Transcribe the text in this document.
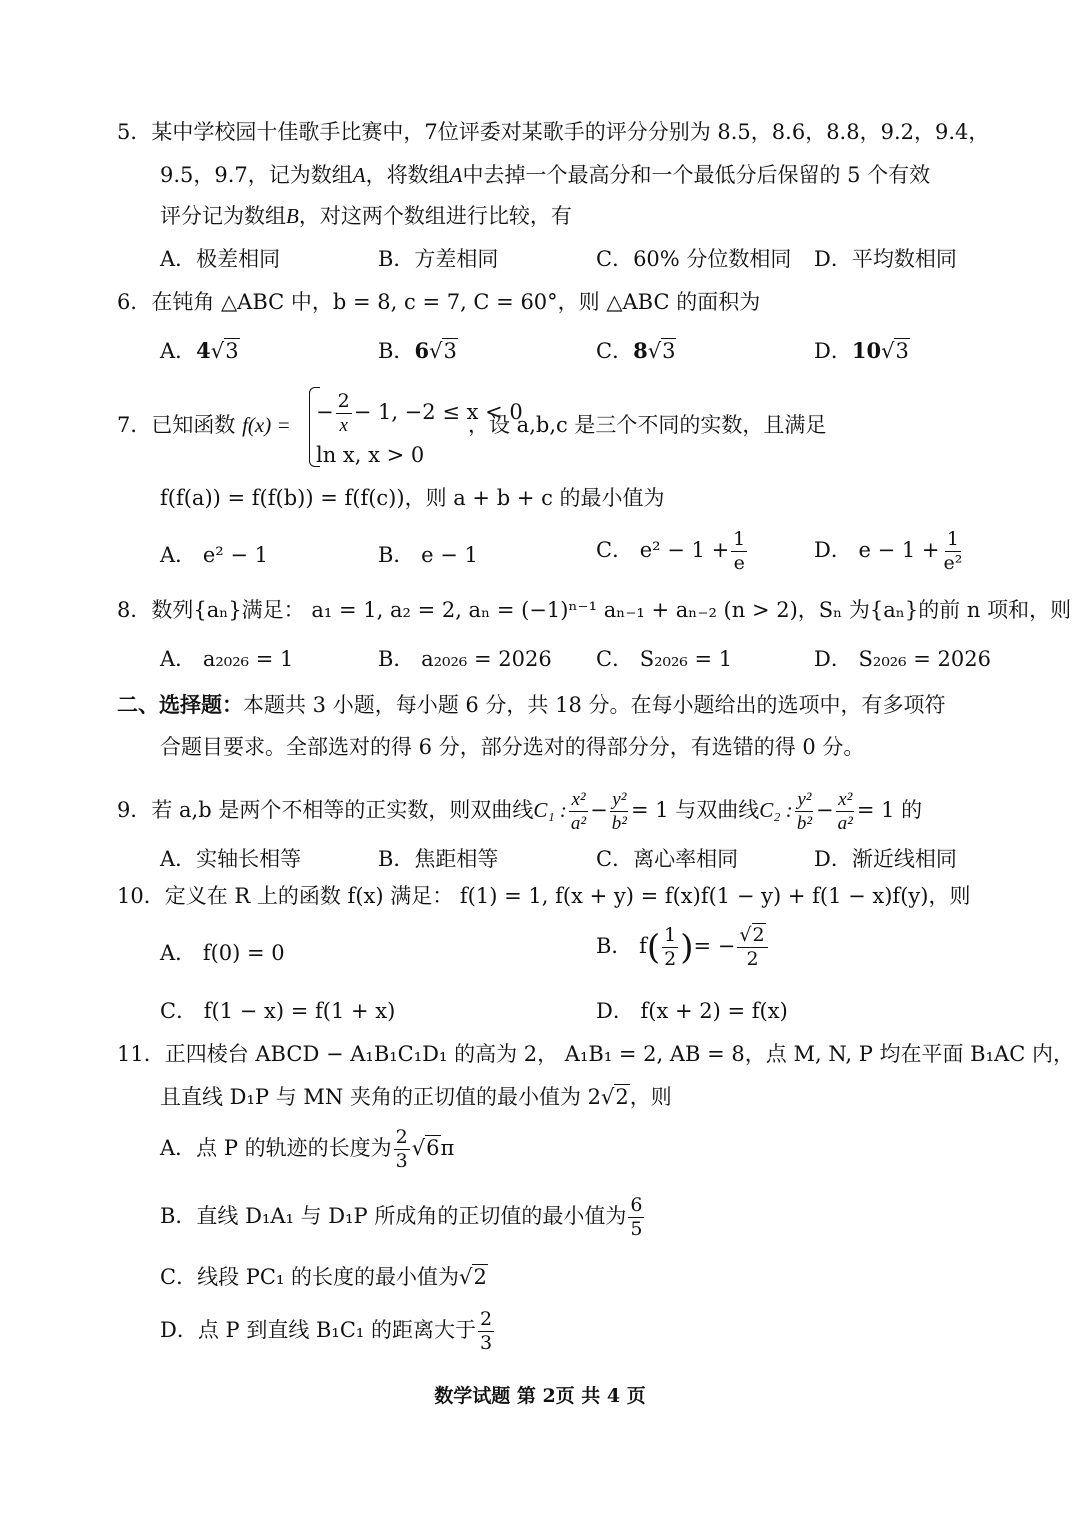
5．某中学校园十佳歌手比赛中，7位评委对某歌手的评分分别为 8.5，8.6，8.8，9.2，9.4，
9.5，9.7，记为数组A，将数组A中去掉一个最高分和一个最低分后保留的 5 个有效
评分记为数组B，对这两个数组进行比较，有
A．极差相同	B．方差相同	C．60% 分位数相同 D．平均数相同
6．在钝角 △ABC 中，b = 8, c = 7, C = 60°，则 △ABC 的面积为
A．4√3	B．6√3	C．8√3	D．10√3
7．已知函数 f(x) =
− $\frac{2}{x} - 1$, −2 ≤ x < 0
ln x, x > 0
，设 a,b,c 是三个不同的实数，且满足
f(f(a)) = f(f(b)) = f(f(c))，则 a + b + c 的最小值为
A． e² − 1	B． e − 1	C． $e^2 - 1 + \frac{1}{e}$	D． $e - 1 + \frac{1}{\text{e²}}$
8．数列{aₙ}满足： a₁ = 1, a₂ = 2, aₙ = (−1)ⁿ⁻¹ aₙ₋₁ + aₙ₋₂ (n > 2)，Sₙ 为{aₙ}的前 n 项和，则
A． a₂₀₂₆ = 1	B． a₂₀₂₆ = 2026 C． S₂₀₂₆ = 1	D． S₂₀₂₆ = 2026
二、选择题：本题共 3 小题，每小题 6 分，共 18 分。在每小题给出的选项中，有多项符
合题目要求。全部选对的得 6 分，部分选对的得部分分，有选错的得 0 分。
9．若 a,b 是两个不相等的正实数，则双曲线C₁ : $\frac{\text{x²}}{\text{a²}} - \frac{\text{y²}}{\text{b²}} = 1$ 与双曲线C₂ : $\frac{\text{y²}}{\text{b²}} - \frac{\text{x²}}{\text{a²}} = 1$ 的
A．实轴长相等	B．焦距相等	C．离心率相同	D．渐近线相同
10．定义在 R 上的函数 f(x) 满足： f(1) = 1, f(x + y) = f(x)f(1 − y) + f(1 − x)f(y)，则
A． f(0) = 0	B． $f( \frac{1}{2}$ )= − $\frac{√2}{2}$
C． f(1 − x) = f(1 + x)	D． f(x + 2) = f(x)
11．正四棱台 ABCD − A₁B₁C₁D₁ 的高为 2， A₁B₁ = 2, AB = 8，点 M, N, P 均在平面 B₁AC 内，
且直线 D₁P 与 MN 夹角的正切值的最小值为 2√2，则
A．点 P 的轨迹的长度为 $\frac{2}{3} √6\pi$
B．直线 D₁A₁ 与 D₁P 所成角的正切值的最小值为 $\frac{6}{5}$
C．线段 PC₁ 的长度的最小值为√2
D．点 P 到直线 B₁C₁ 的距离大于 $\frac{2}{3}$
数学试题 第 2页 共 4 页
